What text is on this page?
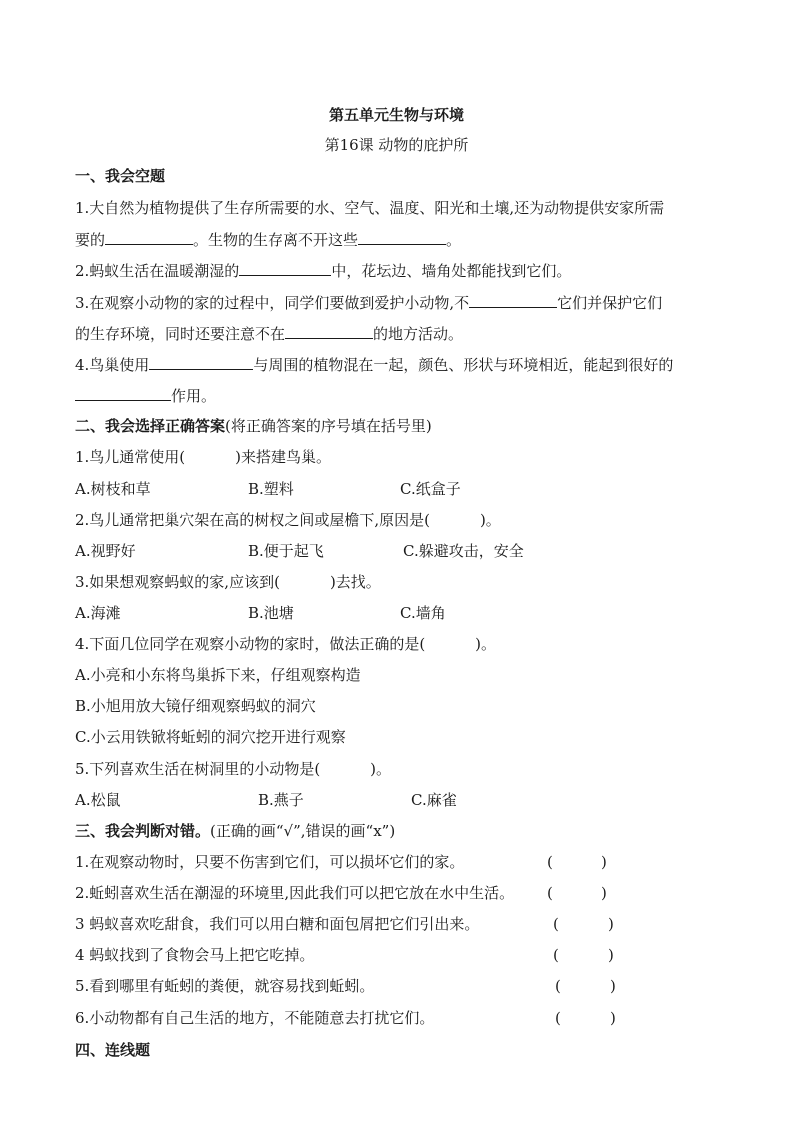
第五单元生物与环境
第16课 动物的庇护所
一、我会空题
1.大自然为植物提供了生存所需要的水、空气、温度、阳光和土壤,还为动物提供安家所需
要的	。生物的生存离不开这些	。
2.蚂蚁生活在温暖潮湿的	中，花坛边、墙角处都能找到它们。
3.在观察小动物的家的过程中，同学们要做到爱护小动物,不	它们并保护它们
的生存环境，同时还要注意不在	的地方活动。
4.鸟巢使用	与周围的植物混在一起，颜色、形状与环境相近，能起到很好的
作用。
二、我会选择正确答案(将正确答案的序号填在括号里)
1.鸟儿通常使用(	)来搭建鸟巢。
A.树枝和草	B.塑料	C.纸盒子
2.鸟儿通常把巢穴架在高的树杈之间或屋檐下,原因是(	)。
A.视野好	B.便于起飞	C.躲避攻击，安全
3.如果想观察蚂蚁的家,应该到(	)去找。
A.海滩	B.池塘	C.墙角
4.下面几位同学在观察小动物的家时，做法正确的是(	)。
A.小亮和小东将鸟巢拆下来，仔组观察构造
B.小旭用放大镜仔细观察蚂蚁的洞穴
C.小云用铁锨将蚯蚓的洞穴挖开进行观察
5.下列喜欢生活在树洞里的小动物是(	)。
A.松鼠	B.燕子	C.麻雀
三、我会判断对错。(正确的画“√”,错误的画“x”)
1.在观察动物时，只要不伤害到它们，可以损坏它们的家。	(	)
2.蚯蚓喜欢生活在潮湿的环境里,因此我们可以把它放在水中生活。 (	)
3 蚂蚁喜欢吃甜食，我们可以用白糖和面包屑把它们引出来。	(	)
4 蚂蚁找到了食物会马上把它吃掉。	(	)
5.看到哪里有蚯蚓的粪便，就容易找到蚯蚓。	(	)
6.小动物都有自己生活的地方，不能随意去打扰它们。	(	)
四、连线题
